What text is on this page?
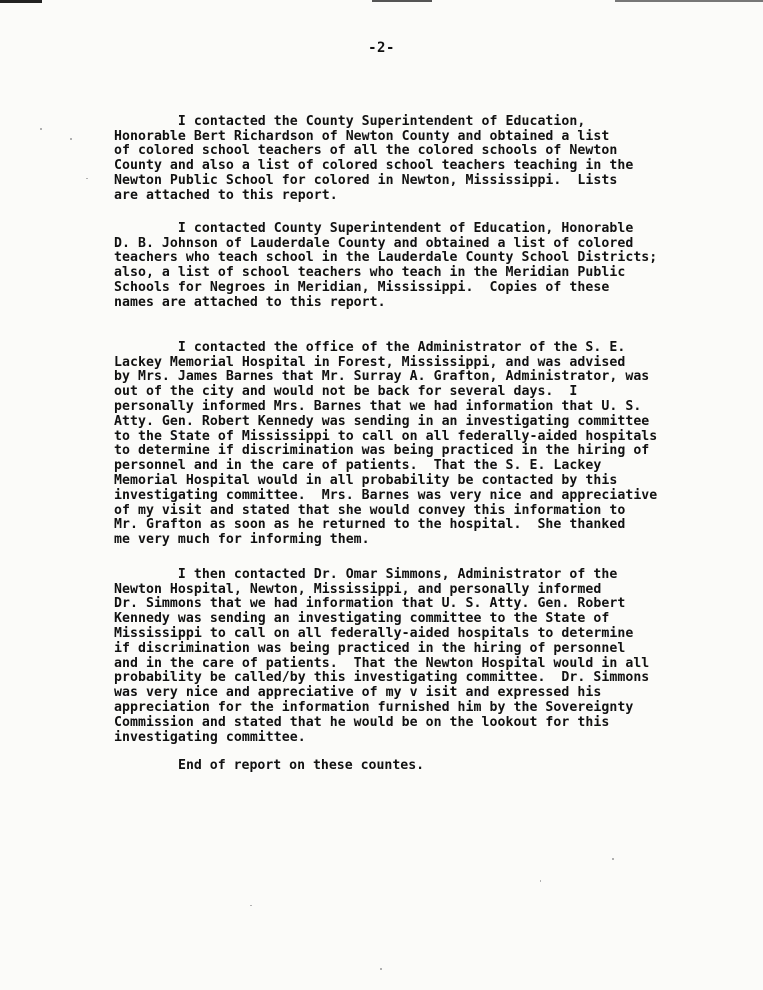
-2-

I contacted the County Superintendent of Education,
Honorable Bert Richardson of Newton County and obtained a list
of colored school teachers of all the colored schools of Newton
County and also a list of colored school teachers teaching in the
Newton Public School for colored in Newton, Mississippi.  Lists
are attached to this report.

I contacted County Superintendent of Education, Honorable
D. B. Johnson of Lauderdale County and obtained a list of colored
teachers who teach school in the Lauderdale County School Districts;
also, a list of school teachers who teach in the Meridian Public
Schools for Negroes in Meridian, Mississippi.  Copies of these
names are attached to this report.

I contacted the office of the Administrator of the S. E.
Lackey Memorial Hospital in Forest, Mississippi, and was advised
by Mrs. James Barnes that Mr. Surray A. Grafton, Administrator, was
out of the city and would not be back for several days.  I
personally informed Mrs. Barnes that we had information that U. S.
Atty. Gen. Robert Kennedy was sending in an investigating committee
to the State of Mississippi to call on all federally-aided hospitals
to determine if discrimination was being practiced in the hiring of
personnel and in the care of patients.  That the S. E. Lackey
Memorial Hospital would in all probability be contacted by this
investigating committee.  Mrs. Barnes was very nice and appreciative
of my visit and stated that she would convey this information to
Mr. Grafton as soon as he returned to the hospital.  She thanked
me very much for informing them.

I then contacted Dr. Omar Simmons, Administrator of the
Newton Hospital, Newton, Mississippi, and personally informed
Dr. Simmons that we had information that U. S. Atty. Gen. Robert
Kennedy was sending an investigating committee to the State of
Mississippi to call on all federally-aided hospitals to determine
if discrimination was being practiced in the hiring of personnel
and in the care of patients.  That the Newton Hospital would in all
probability be called/by this investigating committee.  Dr. Simmons
was very nice and appreciative of my v isit and expressed his
appreciation for the information furnished him by the Sovereignty
Commission and stated that he would be on the lookout for this
investigating committee.

End of report on these countes.
